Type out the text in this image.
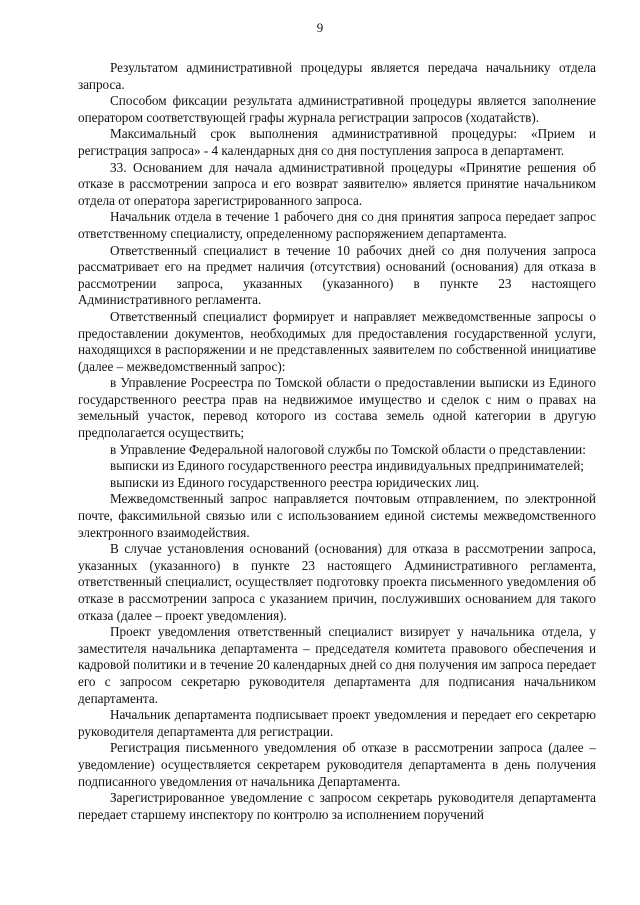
9

Результатом административной процедуры является передача начальнику отдела запроса.

Способом фиксации результата административной процедуры является заполнение оператором соответствующей графы журнала регистрации запросов (ходатайств).

Максимальный срок выполнения административной процедуры: «Прием и регистрация запроса» - 4 календарных дня со дня поступления запроса в департамент.

33. Основанием для начала административной процедуры «Принятие решения об отказе в рассмотрении запроса и его возврат заявителю» является принятие начальником отдела от оператора зарегистрированного запроса.

Начальник отдела в течение 1 рабочего дня со дня принятия запроса передает запрос ответственному специалисту, определенному распоряжением департамента.

Ответственный специалист в течение 10 рабочих дней со дня получения запроса рассматривает его на предмет наличия (отсутствия) оснований (основания) для отказа в рассмотрении запроса, указанных (указанного) в пункте 23 настоящего Административного регламента.

Ответственный специалист формирует и направляет межведомственные запросы о предоставлении документов, необходимых для предоставления государственной услуги, находящихся в распоряжении и не представленных заявителем по собственной инициативе (далее – межведомственный запрос):

в Управление Росреестра по Томской области о предоставлении выписки из Единого государственного реестра прав на недвижимое имущество и сделок с ним о правах на земельный участок, перевод которого из состава земель одной категории в другую предполагается осуществить;

в Управление Федеральной налоговой службы по Томской области о представлении:

выписки из Единого государственного реестра индивидуальных предпринимателей;

выписки из Единого государственного реестра юридических лиц.

Межведомственный запрос направляется почтовым отправлением, по электронной почте, факсимильной связью или с использованием единой системы межведомственного электронного взаимодействия.

В случае установления оснований (основания) для отказа в рассмотрении запроса, указанных (указанного) в пункте 23 настоящего Административного регламента, ответственный специалист, осуществляет подготовку проекта письменного уведомления об отказе в рассмотрении запроса с указанием причин, послуживших основанием для такого отказа (далее – проект уведомления).

Проект уведомления ответственный специалист визирует у начальника отдела, у заместителя начальника департамента – председателя комитета правового обеспечения и кадровой политики и в течение 20 календарных дней со дня получения им запроса передает его с запросом секретарю руководителя департамента для подписания начальником департамента.

Начальник департамента подписывает проект уведомления и передает его секретарю руководителя департамента для регистрации.

Регистрация письменного уведомления об отказе в рассмотрении запроса (далее – уведомление) осуществляется секретарем руководителя департамента в день получения подписанного уведомления от начальника Департамента.

Зарегистрированное уведомление с запросом секретарь руководителя департамента передает старшему инспектору по контролю за исполнением поручений
